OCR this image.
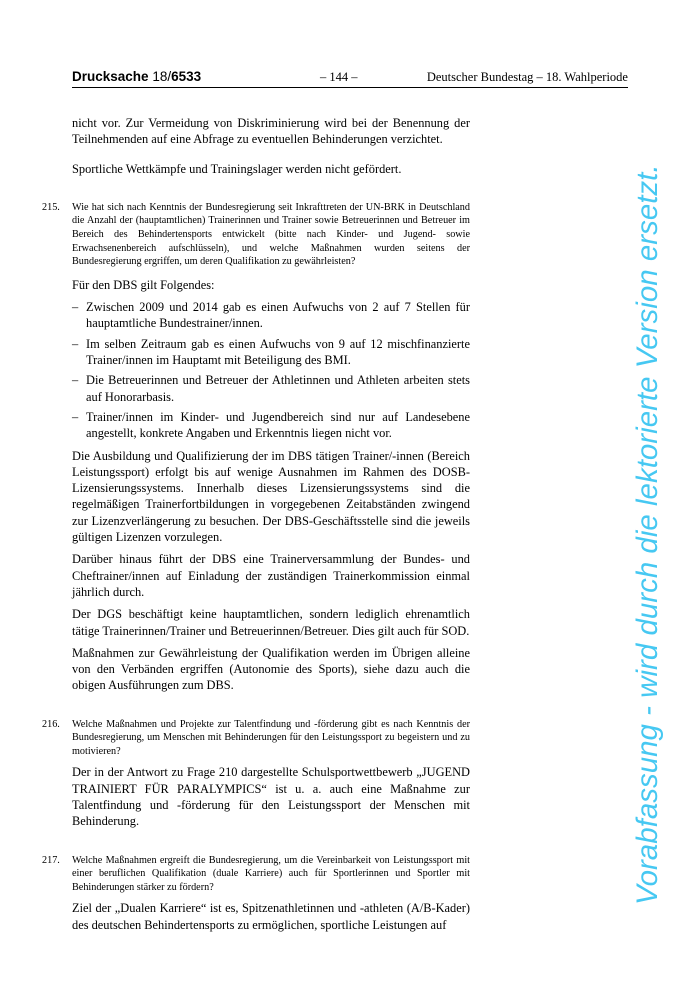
Drucksache 18/6533	– 144 –	Deutscher Bundestag – 18. Wahlperiode

nicht vor. Zur Vermeidung von Diskriminierung wird bei der Benennung der Teilnehmenden auf eine Abfrage zu eventuellen Behinderungen verzichtet.

Sportliche Wettkämpfe und Trainingslager werden nicht gefördert.

215. Wie hat sich nach Kenntnis der Bundesregierung seit Inkrafttreten der UN-BRK in Deutschland die Anzahl der (hauptamtlichen) Trainerinnen und Trainer sowie Betreuerinnen und Betreuer im Bereich des Behindertensports entwickelt (bitte nach Kinder- und Jugend- sowie Erwachsenenbereich aufschlüsseln), und welche Maßnahmen wurden seitens der Bundesregierung ergriffen, um deren Qualifikation zu gewährleisten?

Für den DBS gilt Folgendes:

– Zwischen 2009 und 2014 gab es einen Aufwuchs von 2 auf 7 Stellen für hauptamtliche Bundestrainer/innen.
– Im selben Zeitraum gab es einen Aufwuchs von 9 auf 12 mischfinanzierte Trainer/innen im Hauptamt mit Beteiligung des BMI.
– Die Betreuerinnen und Betreuer der Athletinnen und Athleten arbeiten stets auf Honorarbasis.
– Trainer/innen im Kinder- und Jugendbereich sind nur auf Landesebene angestellt, konkrete Angaben und Erkenntnis liegen nicht vor.

Die Ausbildung und Qualifizierung der im DBS tätigen Trainer/-innen (Bereich Leistungssport) erfolgt bis auf wenige Ausnahmen im Rahmen des DOSB-Lizensierungssystems. Innerhalb dieses Lizensierungssystems sind die regelmäßigen Trainerfortbildungen in vorgegebenen Zeitabständen zwingend zur Lizenzverlängerung zu besuchen. Der DBS-Geschäftsstelle sind die jeweils gültigen Lizenzen vorzulegen.

Darüber hinaus führt der DBS eine Trainerversammlung der Bundes- und Cheftrainer/innen auf Einladung der zuständigen Trainerkommission einmal jährlich durch.

Der DGS beschäftigt keine hauptamtlichen, sondern lediglich ehrenamtlich tätige Trainerinnen/Trainer und Betreuerinnen/Betreuer. Dies gilt auch für SOD.

Maßnahmen zur Gewährleistung der Qualifikation werden im Übrigen alleine von den Verbänden ergriffen (Autonomie des Sports), siehe dazu auch die obigen Ausführungen zum DBS.

216. Welche Maßnahmen und Projekte zur Talentfindung und -förderung gibt es nach Kenntnis der Bundesregierung, um Menschen mit Behinderungen für den Leistungssport zu begeistern und zu motivieren?

Der in der Antwort zu Frage 210 dargestellte Schulsportwettbewerb „JUGEND TRAINIERT FÜR PARALYMPICS“ ist u. a. auch eine Maßnahme zur Talentfindung und -förderung für den Leistungssport der Menschen mit Behinderung.

217. Welche Maßnahmen ergreift die Bundesregierung, um die Vereinbarkeit von Leistungssport mit einer beruflichen Qualifikation (duale Karriere) auch für Sportlerinnen und Sportler mit Behinderungen stärker zu fördern?

Ziel der „Dualen Karriere“ ist es, Spitzenathletinnen und -athleten (A/B-Kader) des deutschen Behindertensports zu ermöglichen, sportliche Leistungen auf

Vorabfassung - wird durch die lektorierte Version ersetzt.
